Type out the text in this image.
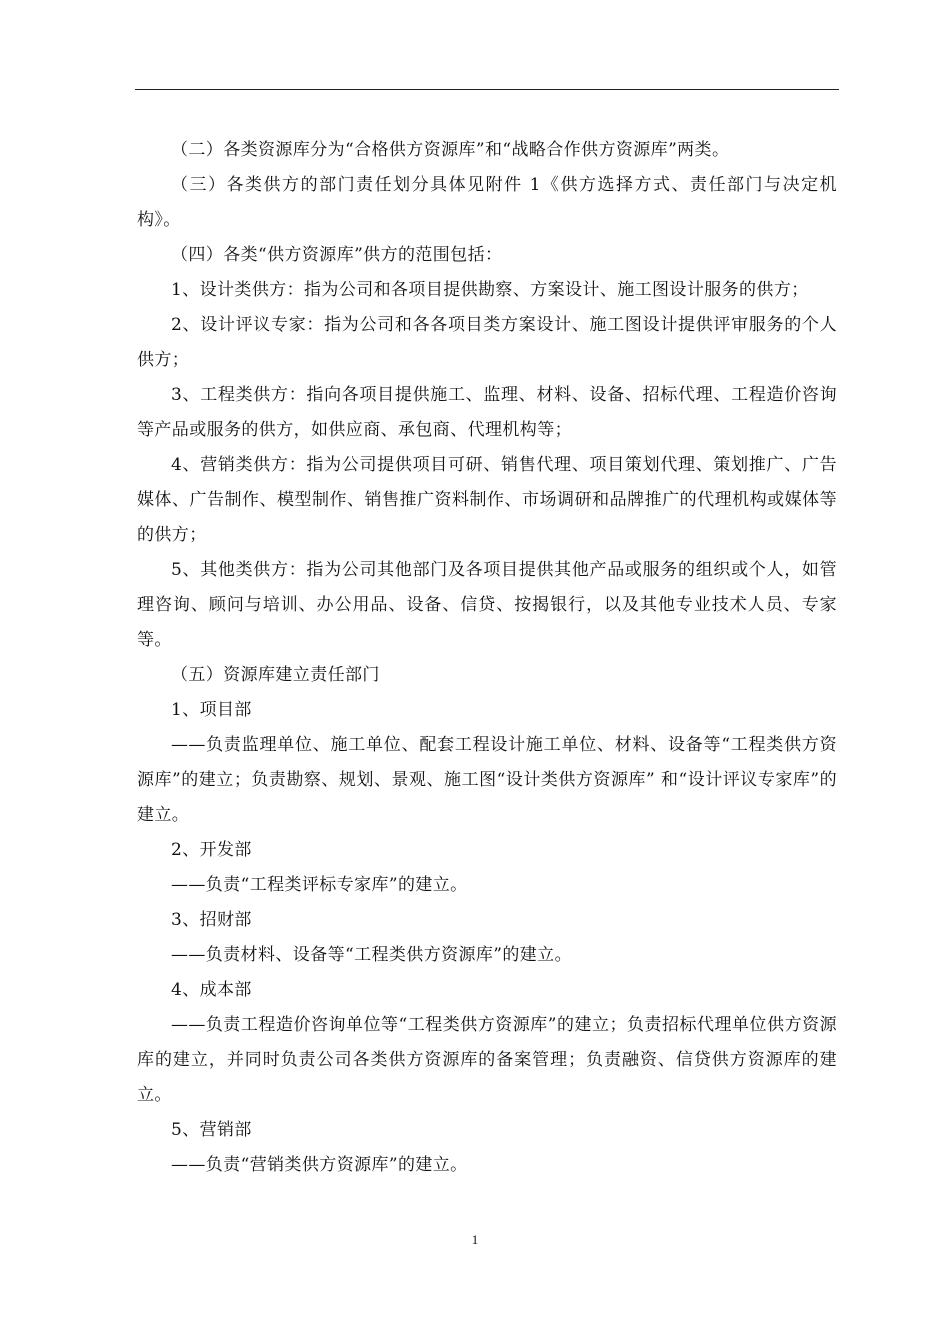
（二）各类资源库分为“合格供方资源库”和“战略合作供方资源库”两类。

（三）各类供方的部门责任划分具体见附件 1《供方选择方式、责任部门与决定机构》。

（四）各类“供方资源库”供方的范围包括：

1、设计类供方：指为公司和各项目提供勘察、方案设计、施工图设计服务的供方；

2、设计评议专家：指为公司和各各项目类方案设计、施工图设计提供评审服务的个人供方；

3、工程类供方：指向各项目提供施工、监理、材料、设备、招标代理、工程造价咨询等产品或服务的供方，如供应商、承包商、代理机构等；

4、营销类供方：指为公司提供项目可研、销售代理、项目策划代理、策划推广、广告媒体、广告制作、模型制作、销售推广资料制作、市场调研和品牌推广的代理机构或媒体等的供方；

5、其他类供方：指为公司其他部门及各项目提供其他产品或服务的组织或个人，如管理咨询、顾问与培训、办公用品、设备、信贷、按揭银行，以及其他专业技术人员、专家等。

（五）资源库建立责任部门

1、项目部

——负责监理单位、施工单位、配套工程设计施工单位、材料、设备等“工程类供方资源库”的建立；负责勘察、规划、景观、施工图“设计类供方资源库” 和“设计评议专家库”的建立。

2、开发部

——负责“工程类评标专家库”的建立。

3、招财部

——负责材料、设备等“工程类供方资源库”的建立。

4、成本部

——负责工程造价咨询单位等“工程类供方资源库”的建立；负责招标代理单位供方资源库的建立，并同时负责公司各类供方资源库的备案管理；负责融资、信贷供方资源库的建立。

5、营销部

——负责“营销类供方资源库”的建立。

1
